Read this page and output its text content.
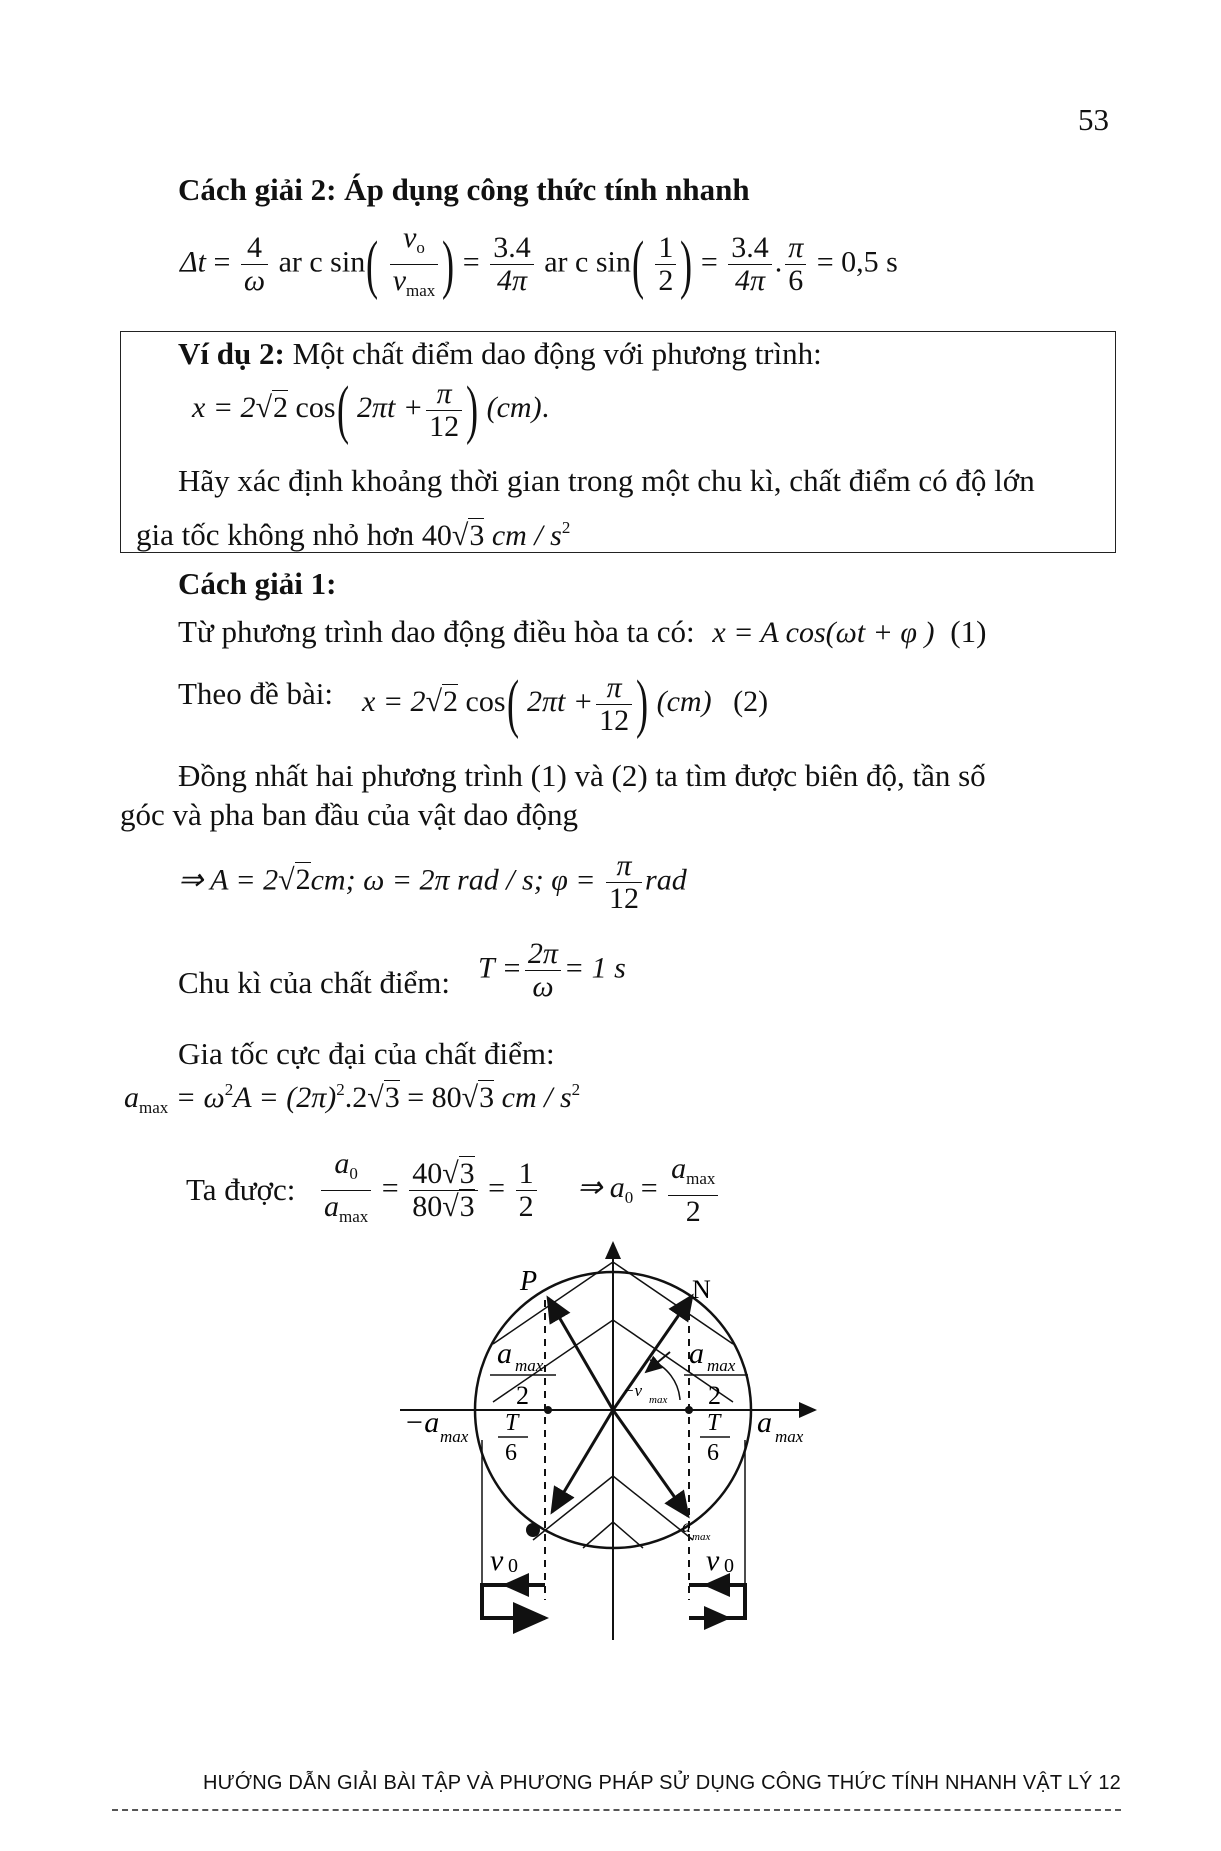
53
Cách giải 2: Áp dụng công thức tính nhanh
$\Delta t = \frac{4}{\omega}$ ar c $\sin( \frac{v_o}{v_{max}}$ ) = $\frac{3.4}{4\pi}$ ar c $\sin( \frac{1}{2}$ ) = $\frac{3.4}{4\pi}$ . $\frac{\pi}{6} = 0,5$ s
Ví dụ 2: Một chất điểm dao động với phương trình:
x = 2√2 cos( $2\pi t + \frac{\pi}{12}$ ) (cm).
Hãy xác định khoảng thời gian trong một chu kì, chất điểm có độ lớn
gia tốc không nhỏ hơn 40√3 cm / $s^2$
Cách giải 1:
Từ phương trình dao động điều hòa ta có: x = A cos(ωt + φ ) (1)
Theo đề bài: x = 2√2 cos( $2\pi t + \frac{\pi}{12}$ ) (cm) (2)
Đồng nhất hai phương trình (1) và (2) ta tìm được biên độ, tần số
góc và pha ban đầu của vật dao động
⇒ A = 2√2cm; ω = 2π rad / s; $\varphi = \frac{\pi}{12}$ rad
Chu kì của chất điểm: $T = \frac{2\pi}{\omega} = 1$ s
Gia tốc cực đại của chất điểm:
$a_{max} = \omega^2A = (2\pi)^2.2√3 = 80√3$ cm / $s^2$
Ta được: $\frac{a_0}{a_{max}} = \frac{40√3}{80√3} = \frac{1}{2}$ ⇒ $a_0 = \frac{a_{max}}{2}$
P	N
a max
2
a max
2
−v max
T
6
T
6
−a max	a max
a
max
v 0	v 0
HƯỚNG DẪN GIẢI BÀI TẬP VÀ PHƯƠNG PHÁP SỬ DỤNG CÔNG THỨC TÍNH NHANH VẬT LÝ 12
